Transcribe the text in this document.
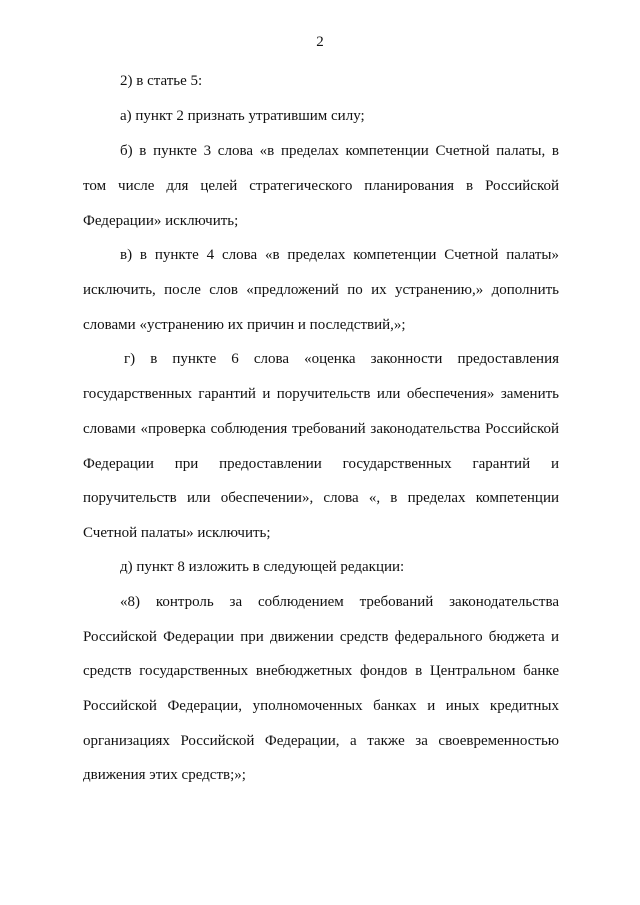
2
2) в статье 5:
а) пункт 2 признать утратившим силу;
б) в пункте 3 слова «в пределах компетенции Счетной палаты, в
том числе для целей стратегического планирования в Российской
Федерации» исключить;
в) в пункте 4 слова «в пределах компетенции Счетной палаты»
исключить, после слов «предложений по их устранению,» дополнить
словами «устранению их причин и последствий,»;
г) в пункте 6 слова «оценка законности предоставления
государственных гарантий и поручительств или обеспечения» заменить
словами «проверка соблюдения требований законодательства Российской
Федерации при предоставлении государственных гарантий и
поручительств или обеспечении», слова «, в пределах компетенции
Счетной палаты» исключить;
д) пункт 8 изложить в следующей редакции:
«8) контроль за соблюдением требований законодательства
Российской Федерации при движении средств федерального бюджета и
средств государственных внебюджетных фондов в Центральном банке
Российской Федерации, уполномоченных банках и иных кредитных
организациях Российской Федерации, а также за своевременностью
движения этих средств;»;
